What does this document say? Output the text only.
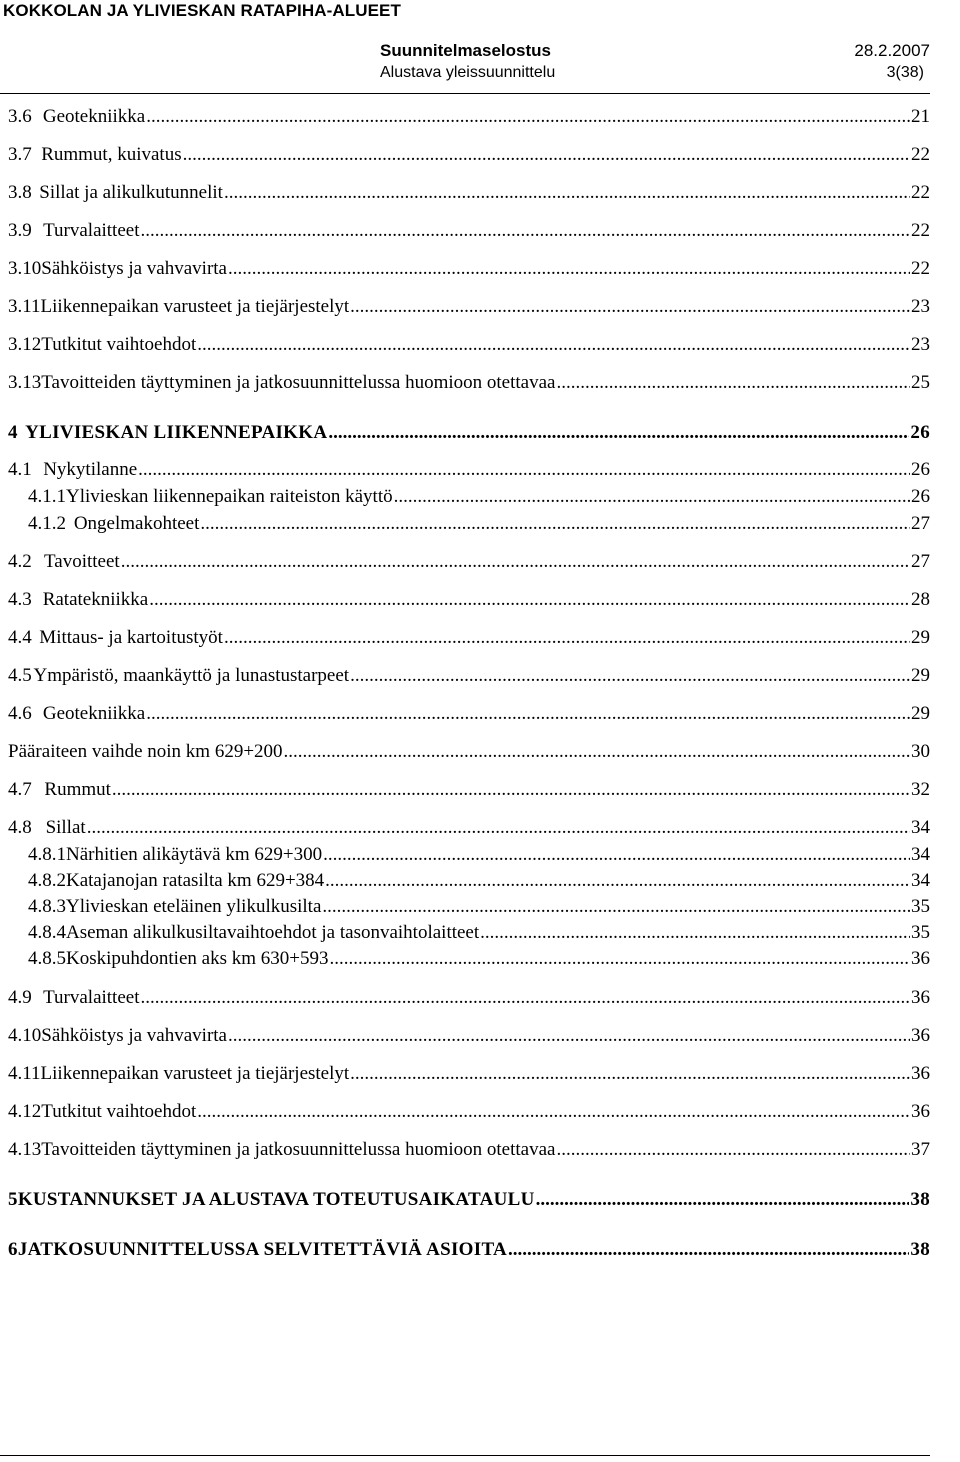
KOKKOLAN JA YLIVIESKAN RATAPIHA-ALUEET
Suunnitelmaselostus	28.2.2007
Alustava yleissuunnittelu	3(38)
3.6 Geotekniikka .....	21
3.7 Rummut, kuivatus .....	22
3.8 Sillat ja alikulkutunnelit .....	22
3.9 Turvalaitteet .....	22
3.10 Sähköistys ja vahvavirta .....	22
3.11 Liikennepaikan varusteet ja tiejärjestelyt .....	23
3.12 Tutkitut vaihtoehdot .....	23
3.13 Tavoitteiden täyttyminen ja jatkosuunnittelussa huomioon otettavaa .....	25
4 YLIVIESKAN LIIKENNEPAIKKA .....	26
4.1 Nykytilanne .....	26
4.1.1 Ylivieskan liikennepaikan raiteiston käyttö .....	26
4.1.2 Ongelmakohteet .....	27
4.2 Tavoitteet .....	27
4.3 Ratatekniikka .....	28
4.4 Mittaus- ja kartoitustyöt .....	29
4.5 Ympäristö, maankäyttö ja lunastustarpeet .....	29
4.6 Geotekniikka .....	29
Pääraiteen vaihde noin km 629+200 .....	30
4.7 Rummut .....	32
4.8 Sillat .....	34
4.8.1 Närhitien alikäytävä km 629+300 .....	34
4.8.2 Katajanojan ratasilta km 629+384 .....	34
4.8.3 Ylivieskan eteläinen ylikulkusilta .....	35
4.8.4 Aseman alikulkusiltavaihtoehdot ja tasonvaihtolaitteet .....	35
4.8.5 Koskipuhdontien aks km 630+593 .....	36
4.9 Turvalaitteet .....	36
4.10 Sähköistys ja vahvavirta .....	36
4.11 Liikennepaikan varusteet ja tiejärjestelyt .....	36
4.12 Tutkitut vaihtoehdot .....	36
4.13 Tavoitteiden täyttyminen ja jatkosuunnittelussa huomioon otettavaa .....	37
5 KUSTANNUKSET JA ALUSTAVA TOTEUTUSAIKATAULU .....	38
6 JATKOSUUNNITTELUSSA SELVITETTÄVIÄ ASIOITA .....	38
